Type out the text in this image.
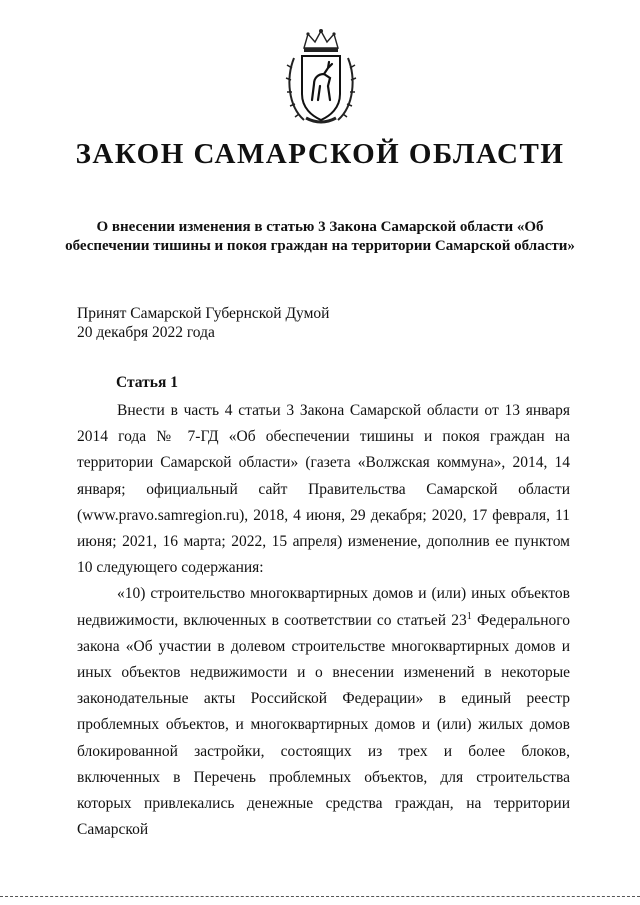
ЗАКОН САМАРСКОЙ ОБЛАСТИ
О внесении изменения в статью 3 Закона Самарской области «Об обеспечении тишины и покоя граждан на территории Самарской области»
Принят Самарской Губернской Думой
20 декабря 2022 года
Статья 1

Внести в часть 4 статьи 3 Закона Самарской области от 13 января 2014 года № 7-ГД «Об обеспечении тишины и покоя граждан на территории Самарской области» (газета «Волжская коммуна», 2014, 14 января; официальный сайт Правительства Самарской области (www.pravo.samregion.ru), 2018, 4 июня, 29 декабря; 2020, 17 февраля, 11 июня; 2021, 16 марта; 2022, 15 апреля) изменение, дополнив ее пунктом 10 следующего содержания:

«10) строительство многоквартирных домов и (или) иных объектов недвижимости, включенных в соответствии со статьей $23^1$ Федерального закона «Об участии в долевом строительстве многоквартирных домов и иных объектов недвижимости и о внесении изменений в некоторые законодательные акты Российской Федерации» в единый реестр проблемных объектов, и многоквартирных домов и (или) жилых домов блокированной застройки, состоящих из трех и более блоков, включенных в Перечень проблемных объектов, для строительства которых привлекались денежные средства граждан, на территории Самарской
